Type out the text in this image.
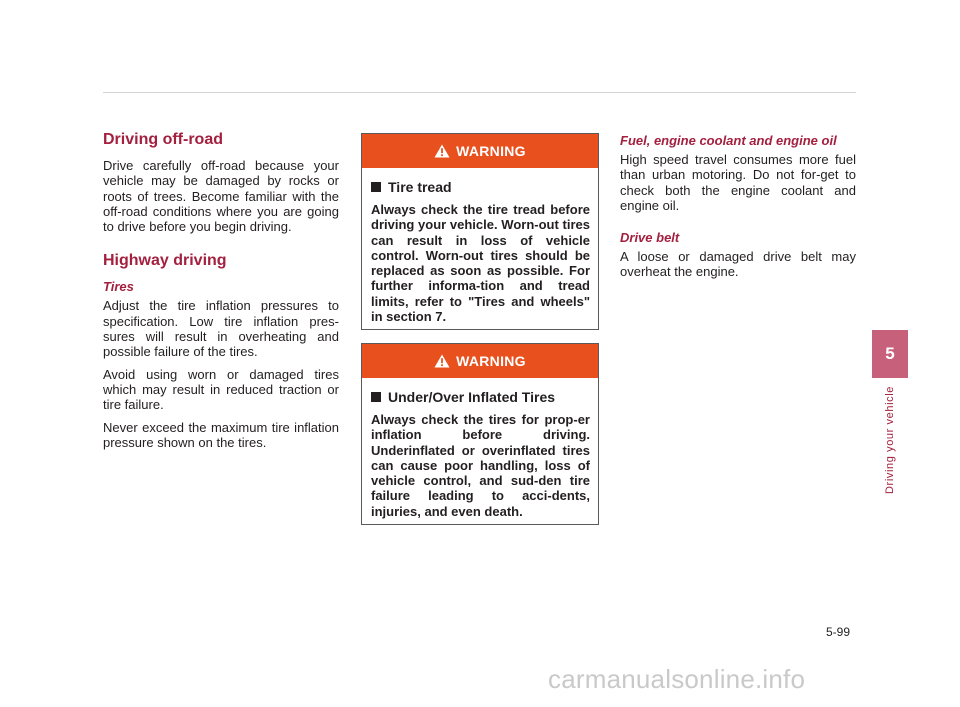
Driving off-road

Drive carefully off-road because your vehicle may be damaged by rocks or roots of trees. Become familiar with the off-road conditions where you are going to drive before you begin driving.

Highway driving
Tires

Adjust the tire inflation pressures to specification. Low tire inflation pres-sures will result in overheating and possible failure of the tires.

Avoid using worn or damaged tires which may result in reduced traction or tire failure.

Never exceed the maximum tire inflation pressure shown on the tires.

WARNING
Tire tread

Always check the tire tread before driving your vehicle. Worn-out tires can result in loss of vehicle control. Worn-out tires should be replaced as soon as possible. For further informa-tion and tread limits, refer to "Tires and wheels" in section 7.

WARNING
Under/Over Inflated Tires

Always check the tires for prop-er inflation before driving. Underinflated or overinflated tires can cause poor handling, loss of vehicle control, and sud-den tire failure leading to acci-dents, injuries, and even death.

Fuel, engine coolant and engine oil

High speed travel consumes more fuel than urban motoring. Do not for-get to check both the engine coolant and engine oil.

Drive belt

A loose or damaged drive belt may overheat the engine.

5
Driving your vehicle
5-99
carmanualsonline.info
